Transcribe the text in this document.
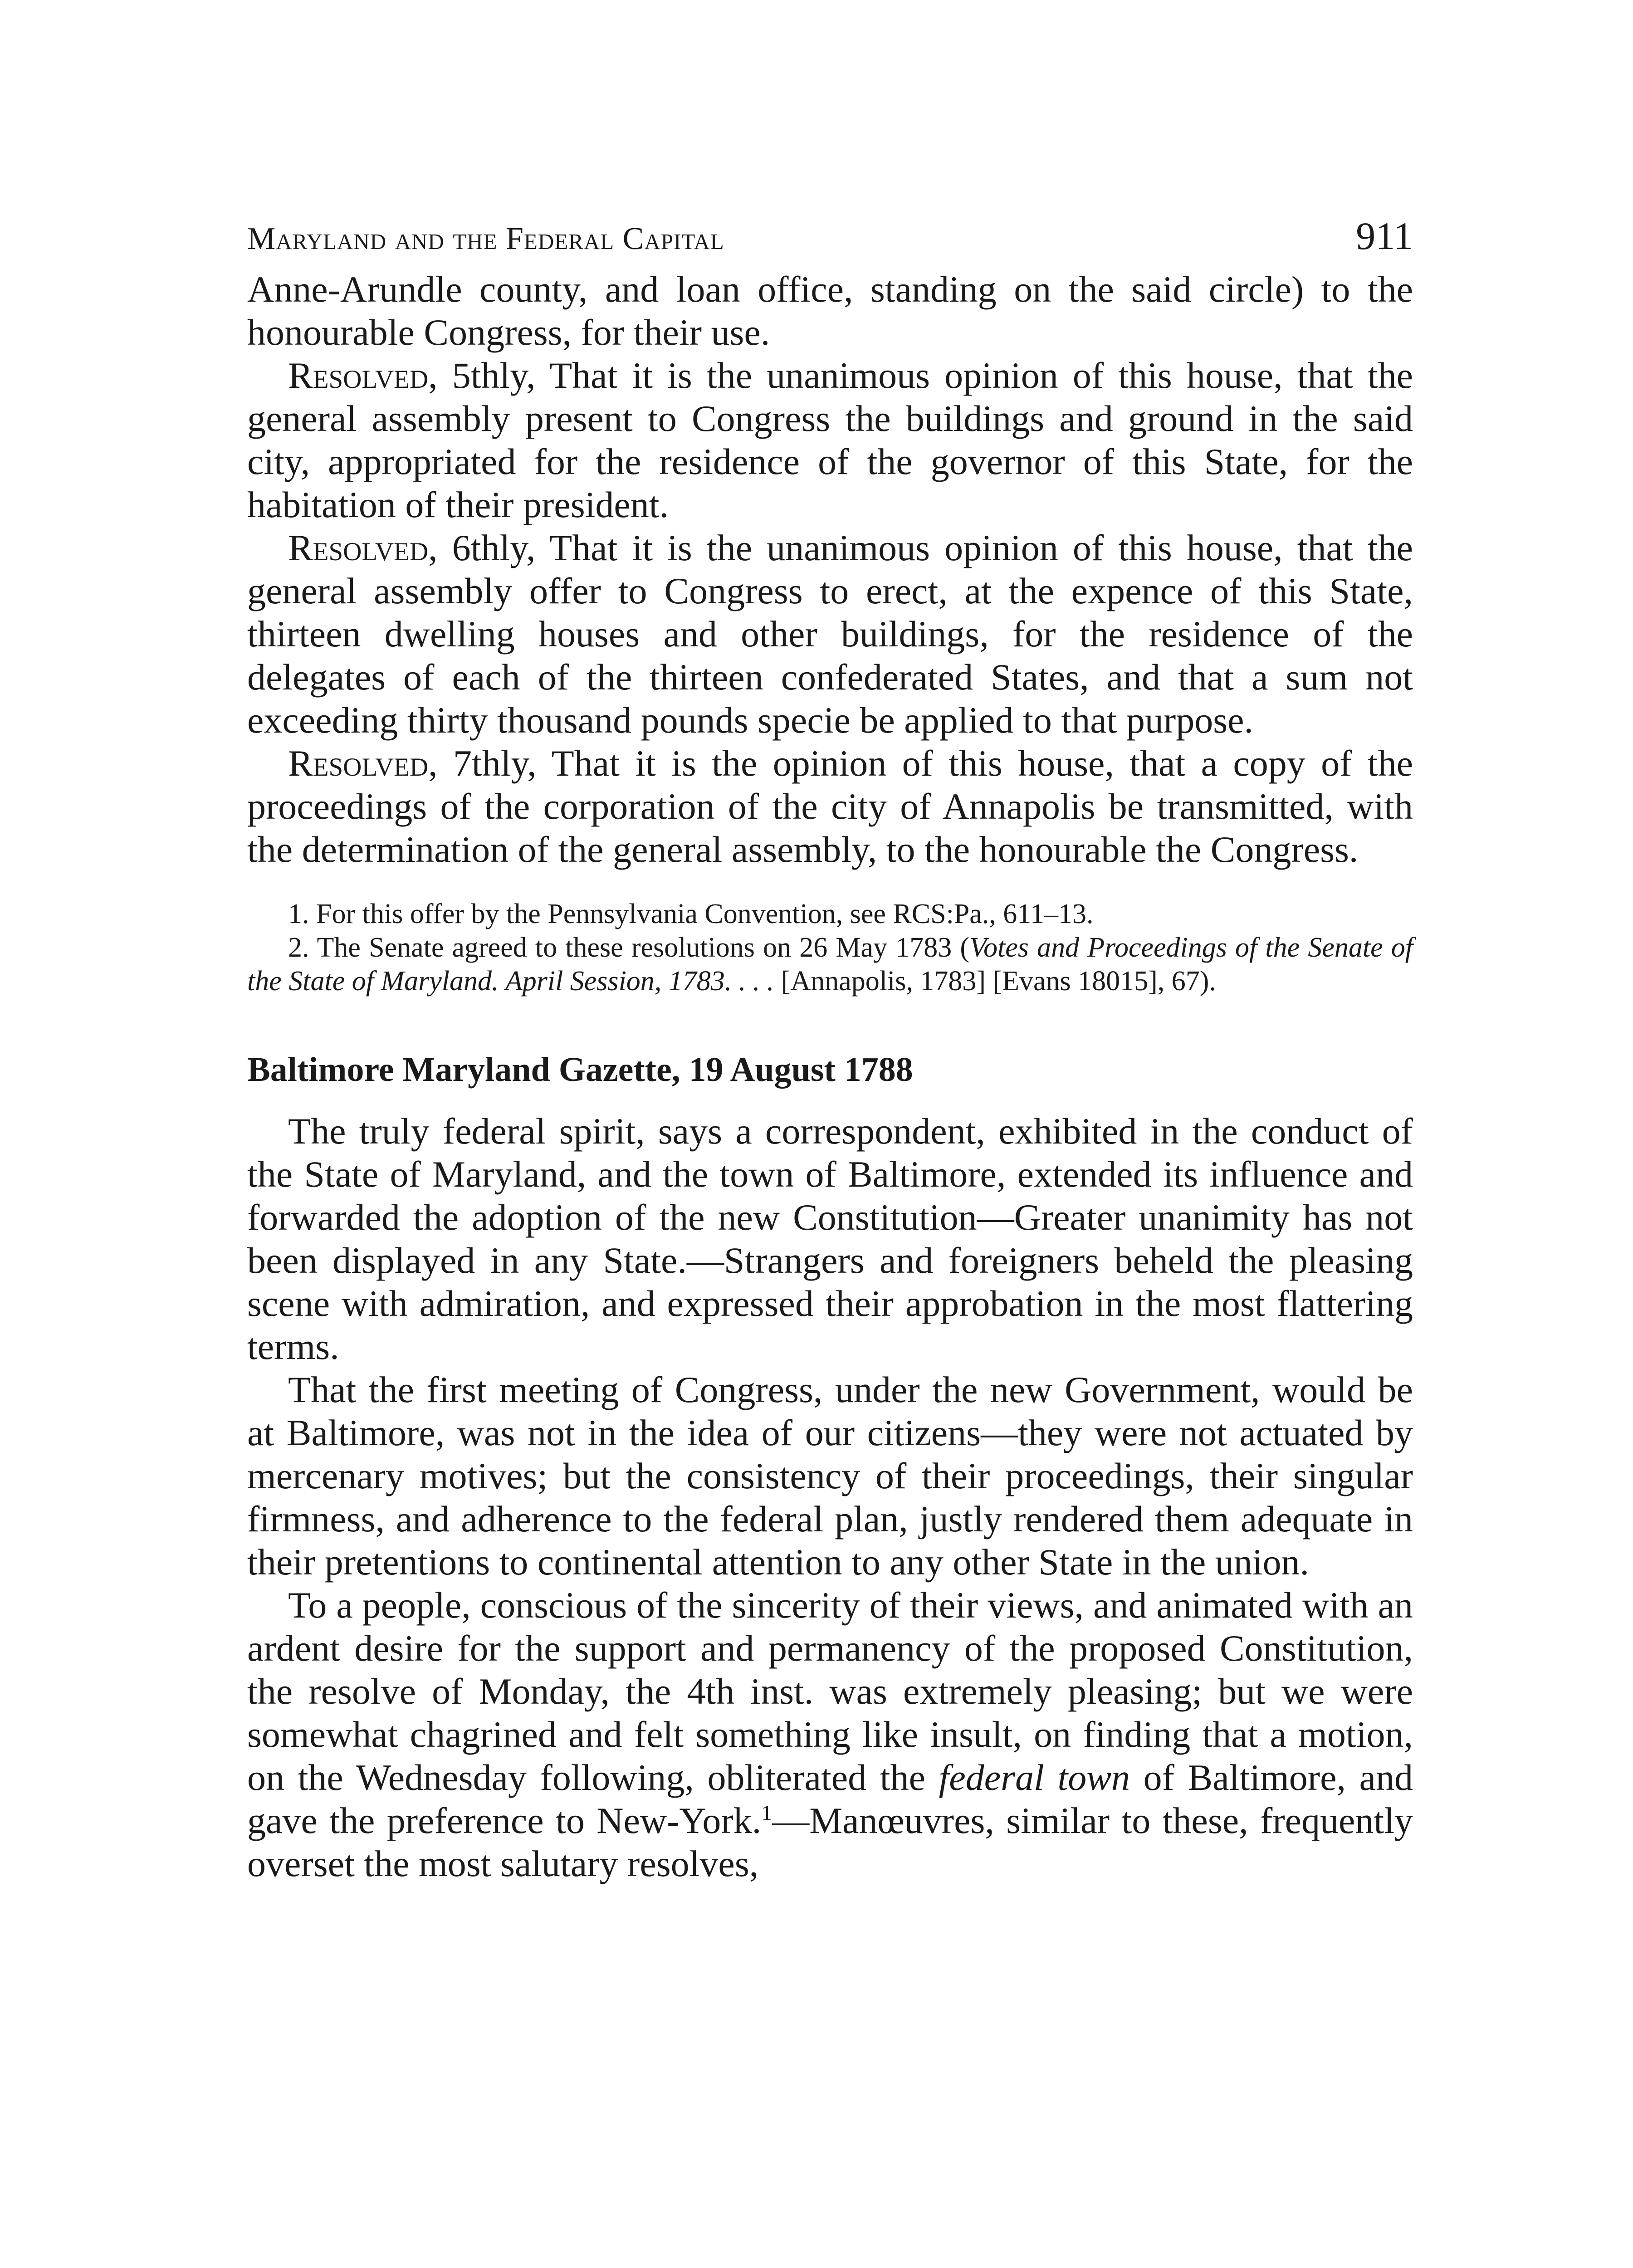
Maryland and the Federal Capital	911

Anne-Arundle county, and loan office, standing on the said circle) to the honourable Congress, for their use.

Resolved, 5thly, That it is the unanimous opinion of this house, that the general assembly present to Congress the buildings and ground in the said city, appropriated for the residence of the governor of this State, for the habitation of their president.

Resolved, 6thly, That it is the unanimous opinion of this house, that the general assembly offer to Congress to erect, at the expence of this State, thirteen dwelling houses and other buildings, for the residence of the delegates of each of the thirteen confederated States, and that a sum not exceeding thirty thousand pounds specie be applied to that purpose.

Resolved, 7thly, That it is the opinion of this house, that a copy of the proceedings of the corporation of the city of Annapolis be transmitted, with the determination of the general assembly, to the honourable the Congress.

1. For this offer by the Pennsylvania Convention, see RCS:Pa., 611–13.

2. The Senate agreed to these resolutions on 26 May 1783 (Votes and Proceedings of the Senate of the State of Maryland. April Session, 1783. . . . [Annapolis, 1783] [Evans 18015], 67).

Baltimore Maryland Gazette, 19 August 1788

The truly federal spirit, says a correspondent, exhibited in the conduct of the State of Maryland, and the town of Baltimore, extended its influence and forwarded the adoption of the new Constitution—Greater unanimity has not been displayed in any State.—Strangers and foreigners beheld the pleasing scene with admiration, and expressed their approbation in the most flattering terms.

That the first meeting of Congress, under the new Government, would be at Baltimore, was not in the idea of our citizens—they were not actuated by mercenary motives; but the consistency of their proceedings, their singular firmness, and adherence to the federal plan, justly rendered them adequate in their pretentions to continental attention to any other State in the union.

To a people, conscious of the sincerity of their views, and animated with an ardent desire for the support and permanency of the proposed Constitution, the resolve of Monday, the 4th inst. was extremely pleasing; but we were somewhat chagrined and felt something like insult, on finding that a motion, on the Wednesday following, obliterated the federal town of Baltimore, and gave the preference to New-York.$^1$—Manœuvres, similar to these, frequently overset the most salutary resolves,
